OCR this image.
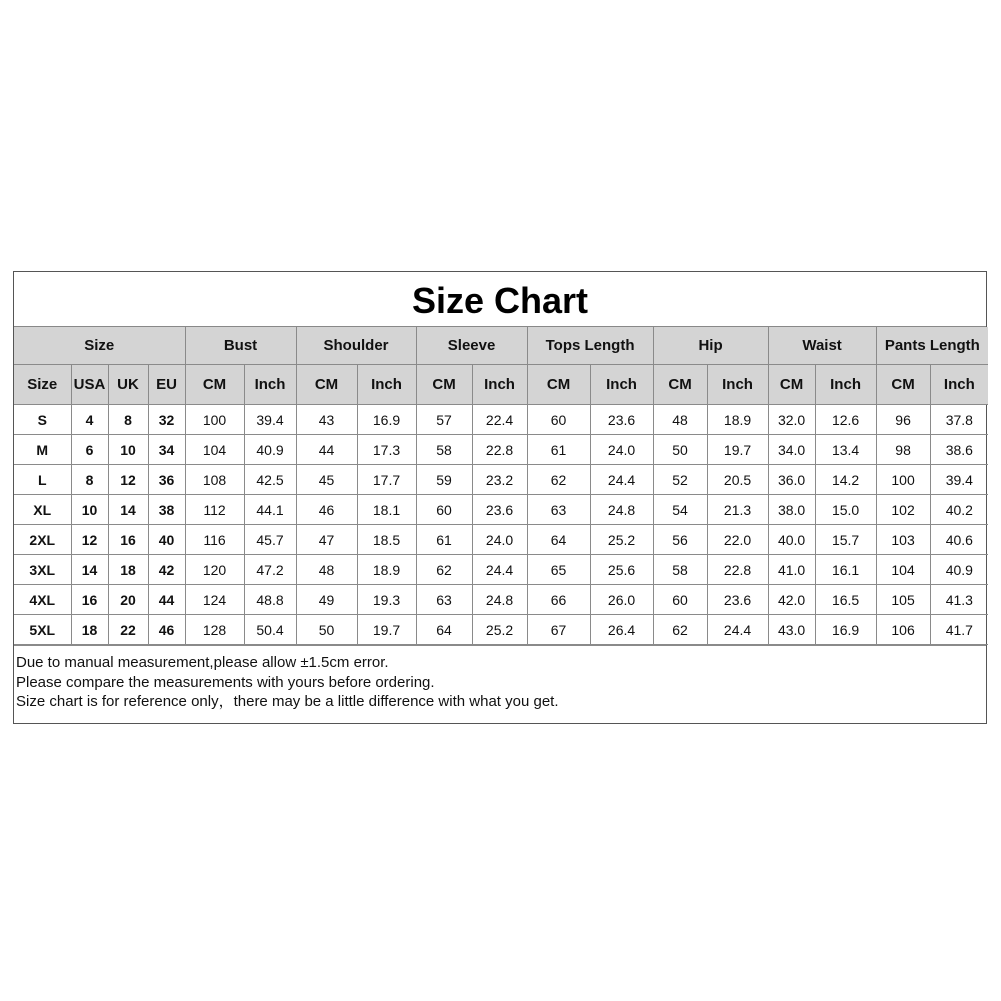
Size Chart
Size				Bust		Shoulder		Sleeve		Tops Length		Hip		Waist		Pants Length	
Size	USA	UK	EU	CM	Inch	CM	Inch	CM	Inch	CM	Inch	CM	Inch	CM	Inch	CM	Inch
S	4	8	32	100	39.4	43	16.9	57	22.4	60	23.6	48	18.9	32.0	12.6	96	37.8
M	6	10	34	104	40.9	44	17.3	58	22.8	61	24.0	50	19.7	34.0	13.4	98	38.6
L	8	12	36	108	42.5	45	17.7	59	23.2	62	24.4	52	20.5	36.0	14.2	100	39.4
XL	10	14	38	112	44.1	46	18.1	60	23.6	63	24.8	54	21.3	38.0	15.0	102	40.2
2XL	12	16	40	116	45.7	47	18.5	61	24.0	64	25.2	56	22.0	40.0	15.7	103	40.6
3XL	14	18	42	120	47.2	48	18.9	62	24.4	65	25.6	58	22.8	41.0	16.1	104	40.9
4XL	16	20	44	124	48.8	49	19.3	63	24.8	66	26.0	60	23.6	42.0	16.5	105	41.3
5XL	18	22	46	128	50.4	50	19.7	64	25.2	67	26.4	62	24.4	43.0	16.9	106	41.7
Due to manual measurement,please allow ±1.5cm error.
Please compare the measurements with yours before ordering.
Size chart is for reference only，there may be a little difference with what you get.
